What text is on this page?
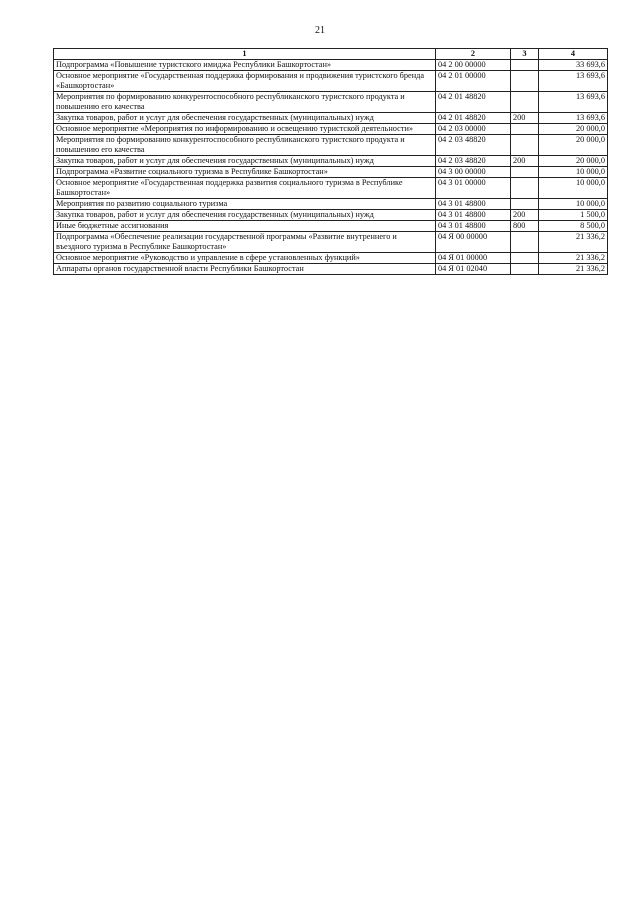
21
1	2	3	4
Подпрограмма «Повышение туристского имиджа Республики Башкортостан»	04 2 00 00000		33 693,6
Основное мероприятие «Государственная поддержка формирования и продвижения туристского бренда «Башкортостан»	04 2 01 00000		13 693,6
Мероприятия по формированию конкурентоспособного республиканского туристского продукта и повышению его качества	04 2 01 48820		13 693,6
Закупка товаров, работ и услуг для обеспечения государственных (муниципальных) нужд	04 2 01 48820	200	13 693,6
Основное мероприятие «Мероприятия по информированию и освещению туристской деятельности»	04 2 03 00000		20 000,0
Мероприятия по формированию конкурентоспособного республиканского туристского продукта и повышению его качества	04 2 03 48820		20 000,0
Закупка товаров, работ и услуг для обеспечения государственных (муниципальных) нужд	04 2 03 48820	200	20 000,0
Подпрограмма «Развитие социального туризма в Республике Башкортостан»	04 3 00 00000		10 000,0
Основное мероприятие «Государственная поддержка развития социального туризма в Республике Башкортостан»	04 3 01 00000		10 000,0
Мероприятия по развитию социального туризма	04 3 01 48800		10 000,0
Закупка товаров, работ и услуг для обеспечения государственных (муниципальных) нужд	04 3 01 48800	200	1 500,0
Иные бюджетные ассигнования	04 3 01 48800	800	8 500,0
Подпрограмма «Обеспечение реализации государственной программы «Развитие внутреннего и въездного туризма в Республике Башкортостан»	04 Я 00 00000		21 336,2
Основное мероприятие «Руководство и управление в сфере установленных функций»	04 Я 01 00000		21 336,2
Аппараты органов государственной власти Республики Башкортостан	04 Я 01 02040		21 336,2
